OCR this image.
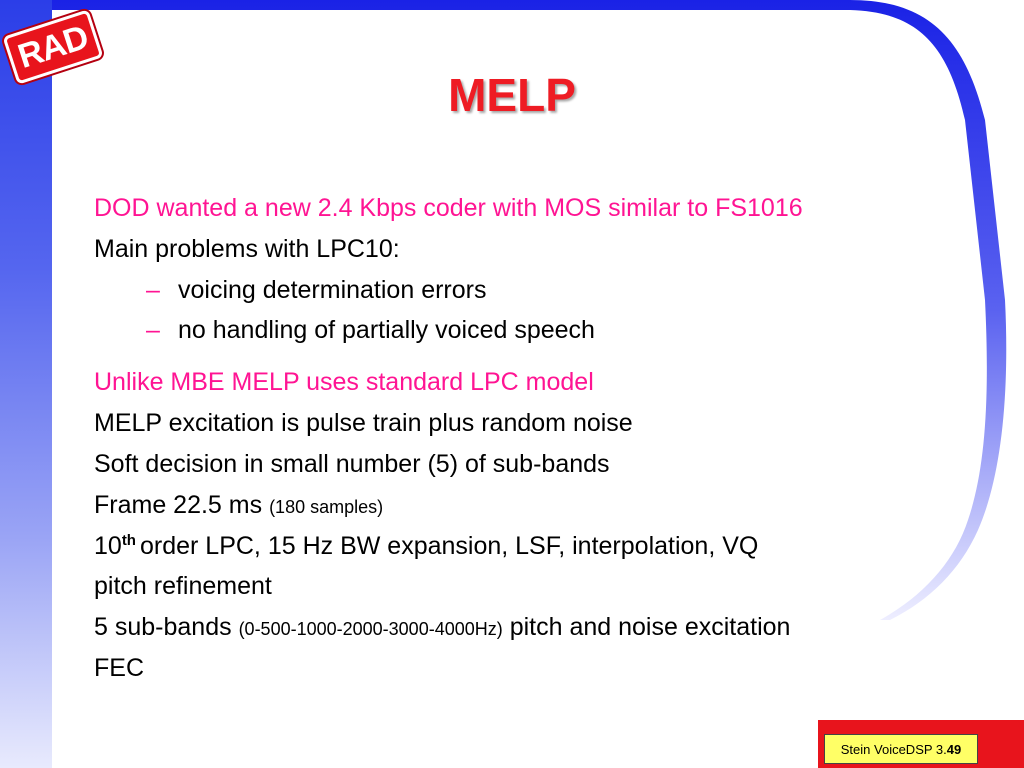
RAD
MELP
DOD wanted a new 2.4 Kbps coder with MOS similar to FS1016
Main problems with LPC10:
– voicing determination errors
– no handling of partially voiced speech
Unlike MBE MELP uses standard LPC model
MELP excitation is pulse train plus random noise
Soft decision in small number (5) of sub-bands
Frame 22.5 ms (180 samples)
10th order LPC, 15 Hz BW expansion, LSF, interpolation, VQ
pitch refinement
5 sub-bands (0-500-1000-2000-3000-4000Hz) pitch and noise excitation
FEC
Stein VoiceDSP 3. 49
